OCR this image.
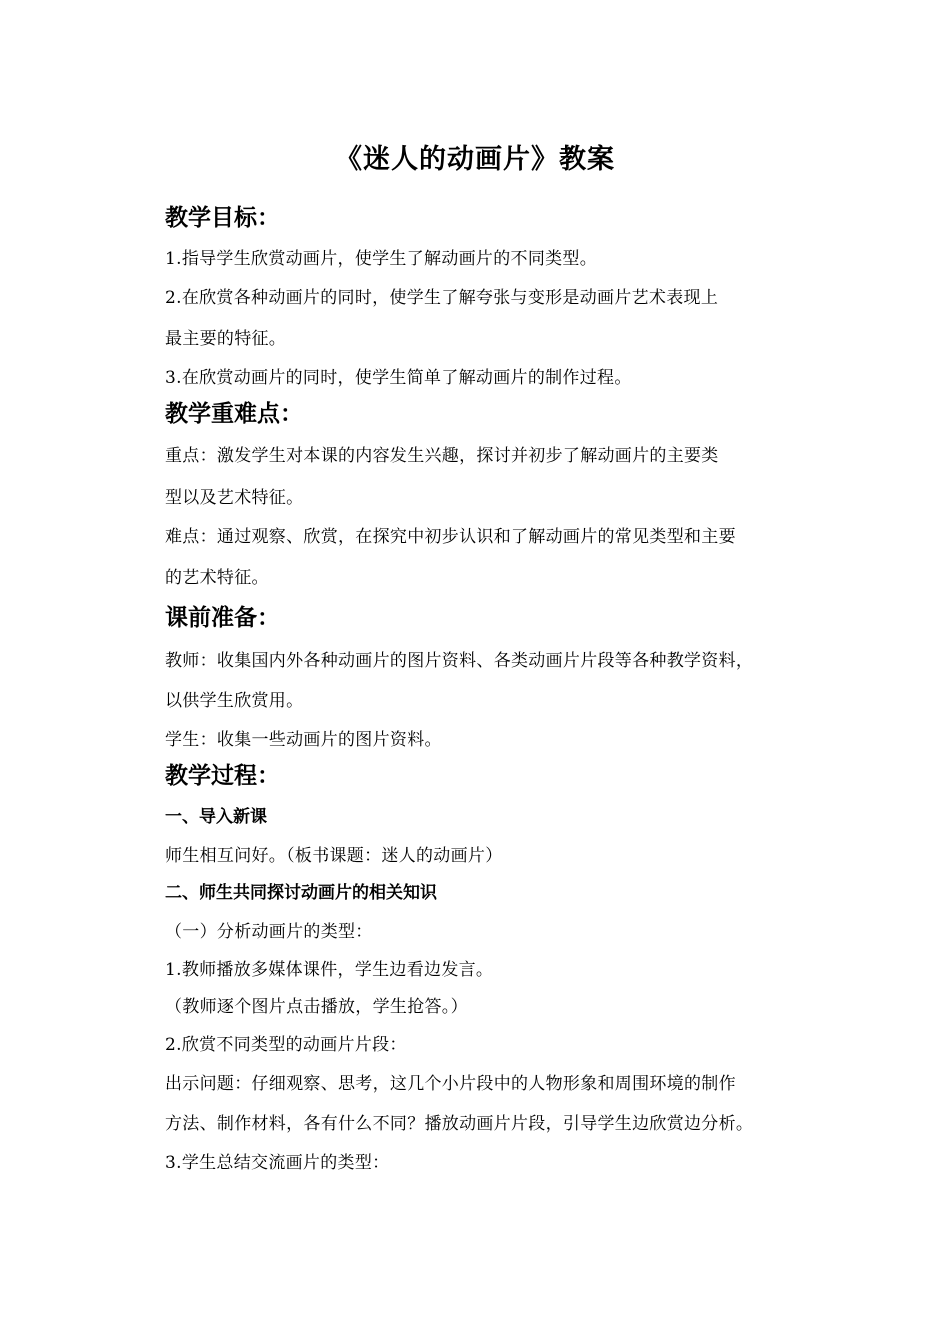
《迷人的动画片》教案
教学目标：
1.指导学生欣赏动画片，使学生了解动画片的不同类型。
2.在欣赏各种动画片的同时，使学生了解夸张与变形是动画片艺术表现上
最主要的特征。
3.在欣赏动画片的同时，使学生简单了解动画片的制作过程。
教学重难点：
重点：激发学生对本课的内容发生兴趣，探讨并初步了解动画片的主要类
型以及艺术特征。
难点：通过观察、欣赏，在探究中初步认识和了解动画片的常见类型和主要
的艺术特征。
课前准备：
教师：收集国内外各种动画片的图片资料、各类动画片片段等各种教学资料，
以供学生欣赏用。
学生：收集一些动画片的图片资料。
教学过程：
一、导入新课
师生相互问好。（板书课题：迷人的动画片）
二、师生共同探讨动画片的相关知识
（一）分析动画片的类型：
1.教师播放多媒体课件，学生边看边发言。
（教师逐个图片点击播放，学生抢答。）
2.欣赏不同类型的动画片片段：
出示问题：仔细观察、思考，这几个小片段中的人物形象和周围环境的制作
方法、制作材料，各有什么不同？播放动画片片段，引导学生边欣赏边分析。
3.学生总结交流画片的类型：
